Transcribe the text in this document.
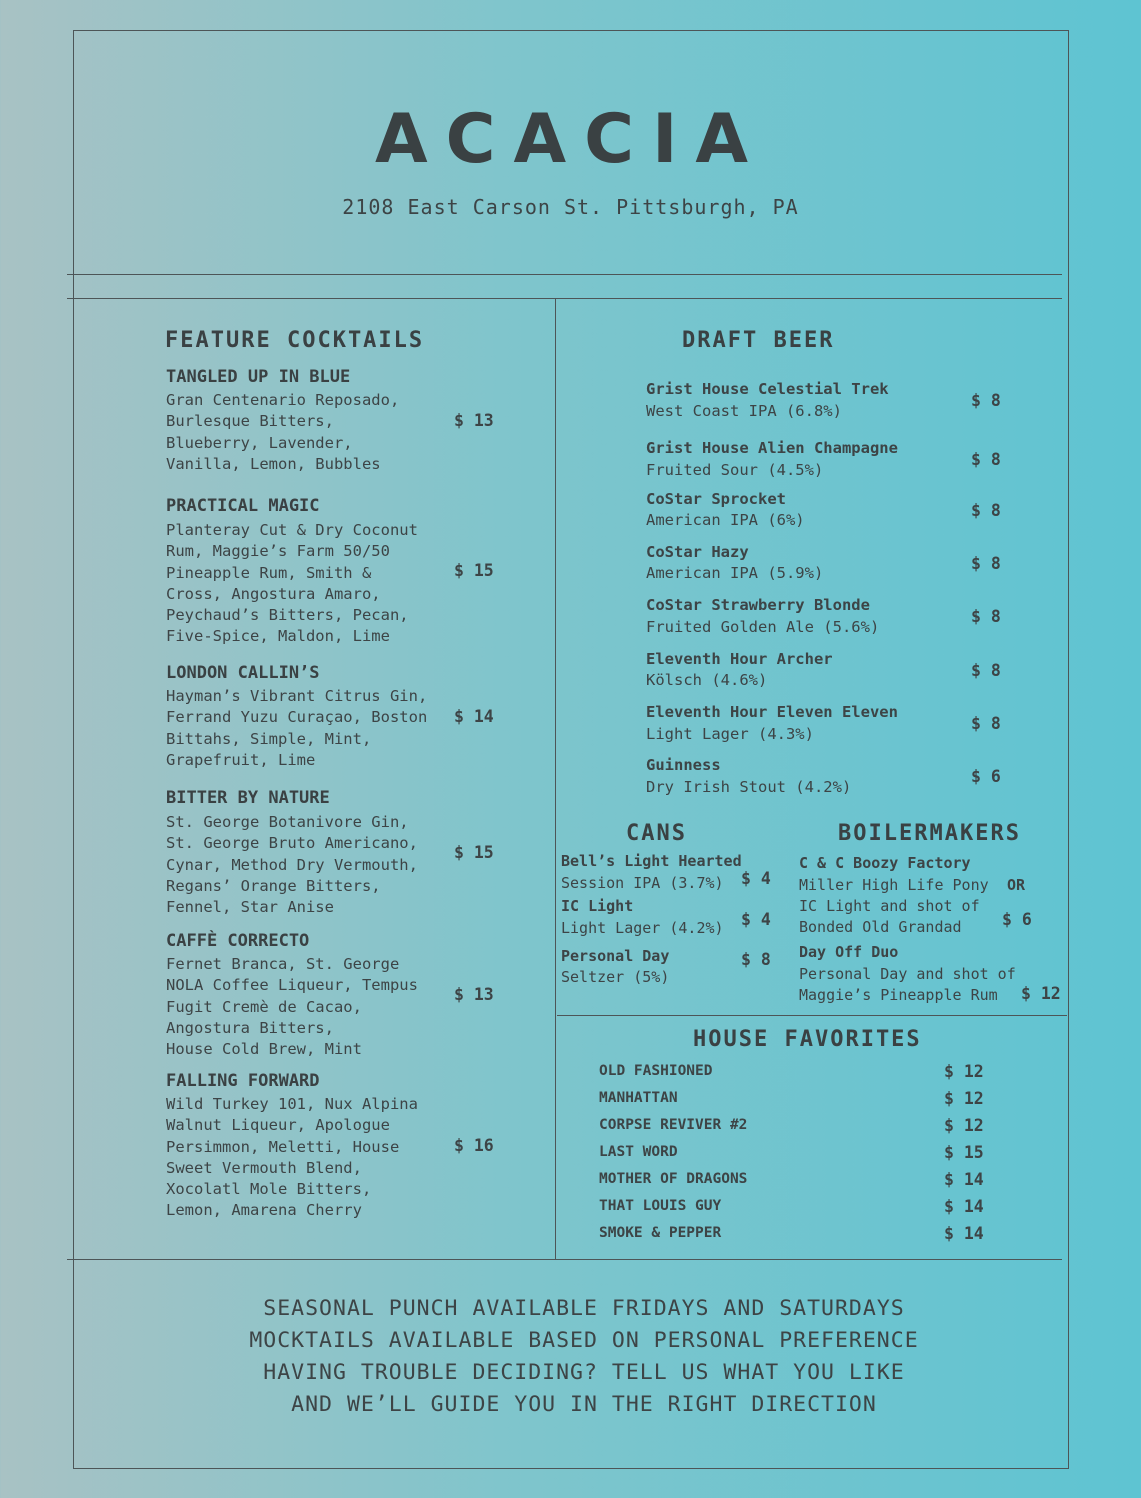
ACACIA
2108 East Carson St. Pittsburgh, PA
FEATURE COCKTAILS
TANGLED UP IN BLUE
Gran Centenario Reposado,
Burlesque Bitters,
Blueberry, Lavender,
Vanilla, Lemon, Bubbles
$ 13
PRACTICAL MAGIC
Planteray Cut & Dry Coconut
Rum, Maggie’s Farm 50/50
Pineapple Rum, Smith &
Cross, Angostura Amaro,
Peychaud’s Bitters, Pecan,
Five-Spice, Maldon, Lime
$ 15
LONDON CALLIN’S
Hayman’s Vibrant Citrus Gin,
Ferrand Yuzu Curaçao, Boston
Bittahs, Simple, Mint,
Grapefruit, Lime
$ 14
BITTER BY NATURE
St. George Botanivore Gin,
St. George Bruto Americano,
Cynar, Method Dry Vermouth,
Regans’ Orange Bitters,
Fennel, Star Anise
$ 15
CAFFÈ CORRECTO
Fernet Branca, St. George
NOLA Coffee Liqueur, Tempus
Fugit Cremè de Cacao,
Angostura Bitters,
House Cold Brew, Mint
$ 13
FALLING FORWARD
Wild Turkey 101, Nux Alpina
Walnut Liqueur, Apologue
Persimmon, Meletti, House
Sweet Vermouth Blend,
Xocolatl Mole Bitters,
Lemon, Amarena Cherry
$ 16
DRAFT BEER
Grist House Celestial Trek
West Coast IPA (6.8%)
$ 8
Grist House Alien Champagne
Fruited Sour (4.5%)
$ 8
CoStar Sprocket
American IPA (6%)	$ 8
CoStar Hazy
American IPA (5.9%)	$ 8
CoStar Strawberry Blonde
Fruited Golden Ale (5.6%)
$ 8
Eleventh Hour Archer
Kölsch (4.6%)	$ 8
Eleventh Hour Eleven Eleven
Light Lager (4.3%)
$ 8
Guinness
Dry Irish Stout (4.2%)
$ 6
CANS
Bell’s Light Hearted
Session IPA (3.7%) $ 4
IC Light
Light Lager (4.2%) $ 4
Personal Day
Seltzer (5%)
$ 8
BOILERMAKERS
C & C Boozy Factory
Miller High Life Pony OR
IC Light and shot of
Bonded Old Grandad $ 6
Day Off Duo
Personal Day and shot of
Maggie’s Pineapple Rum $ 12
HOUSE FAVORITES
OLD FASHIONED	$ 12
MANHATTAN	$ 12
CORPSE REVIVER #2	$ 12
LAST WORD	$ 15
MOTHER OF DRAGONS	$ 14
THAT LOUIS GUY	$ 14
SMOKE & PEPPER	$ 14
SEASONAL PUNCH AVAILABLE FRIDAYS AND SATURDAYS
MOCKTAILS AVAILABLE BASED ON PERSONAL PREFERENCE
HAVING TROUBLE DECIDING? TELL US WHAT YOU LIKE
AND WE’LL GUIDE YOU IN THE RIGHT DIRECTION
